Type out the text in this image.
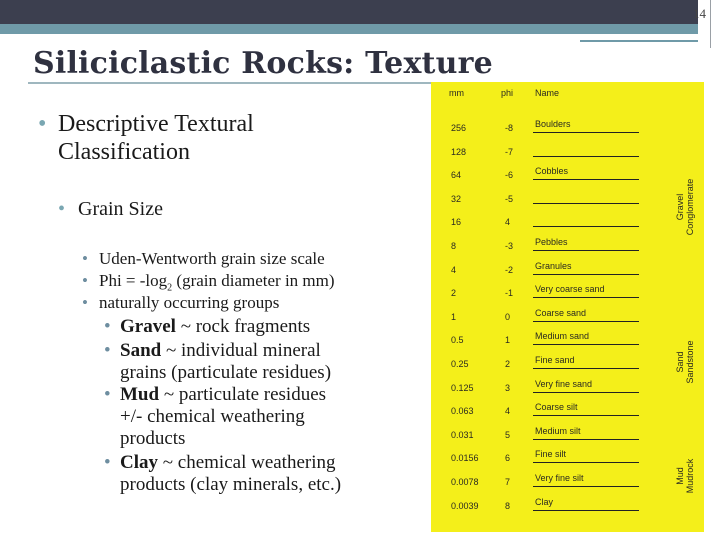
14
Siliciclastic Rocks: Texture
• Descriptive Textural
Classification
• Grain Size
• Uden-Wentworth grain size scale
• Phi = $-\log_2$ (grain diameter in mm)
• naturally occurring groups
• Gravel ~ rock fragments
• Sand ~ individual mineral
grains (particulate residues)
• Mud ~ particulate residues
+/- chemical weathering
products
• Clay ~ chemical weathering
products (clay minerals, etc.)
mm	phi Name
Gravel
Conglomerate
Sand
Sandstone
Mud
Mudrock
256	-8 Boulders
128	-7
64	-6 Cobbles
32	-5
16	4
8	-3 Pebbles
4	-2 Granules
2	-1 Very coarse sand
1	0	Coarse sand
0.5	1	Medium sand
0.25	2	Fine sand
0.125	3	Very fine sand
0.063	4	Coarse silt
0.031	5	Medium silt
0.0156	6	Fine silt
0.0078	7	Very fine silt
0.0039	8	Clay
